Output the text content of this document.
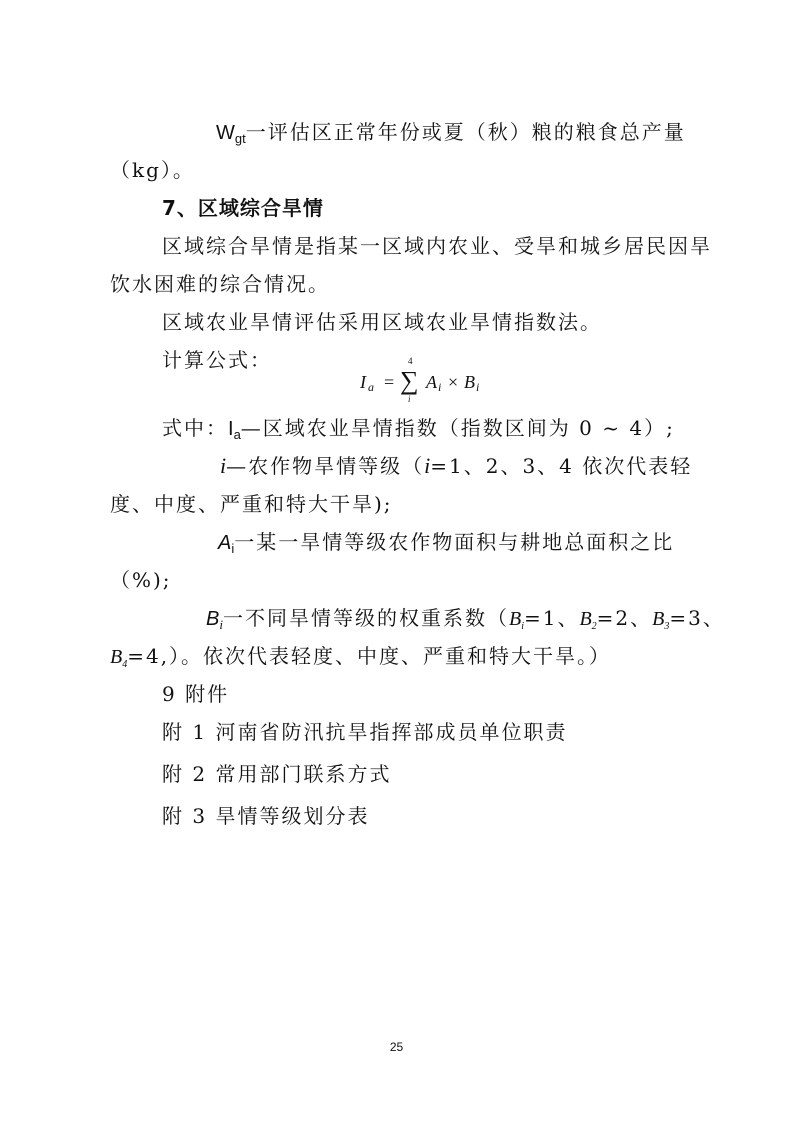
$W_{gt}$一评估区正常年份或夏（秋）粮的粮食总产量
（kg）。
7、区域综合旱情
区域综合旱情是指某一区域内农业、受旱和城乡居民因旱
饮水困难的综合情况。
区域农业旱情评估采用区域农业旱情指数法。
计算公式：
I a = ∑
4
i
A i × B i
式中：$I_a—$区域农业旱情指数（指数区间为 0 ~ 4）;
i—农作物旱情等级（i=1、2、3、4 依次代表轻
度、中度、严重和特大干旱);
$A_i$一某一旱情等级农作物面积与耕地总面积之比
（%);
$B_i$一不同旱情等级的权重系数（$B_i=1$、$B_2=2$、$B_3=3$、
$B_4=4$,）。依次代表轻度、中度、严重和特大干旱。）
9 附件
附 1 河南省防汛抗旱指挥部成员单位职责
附 2 常用部门联系方式
附 3 旱情等级划分表
25
